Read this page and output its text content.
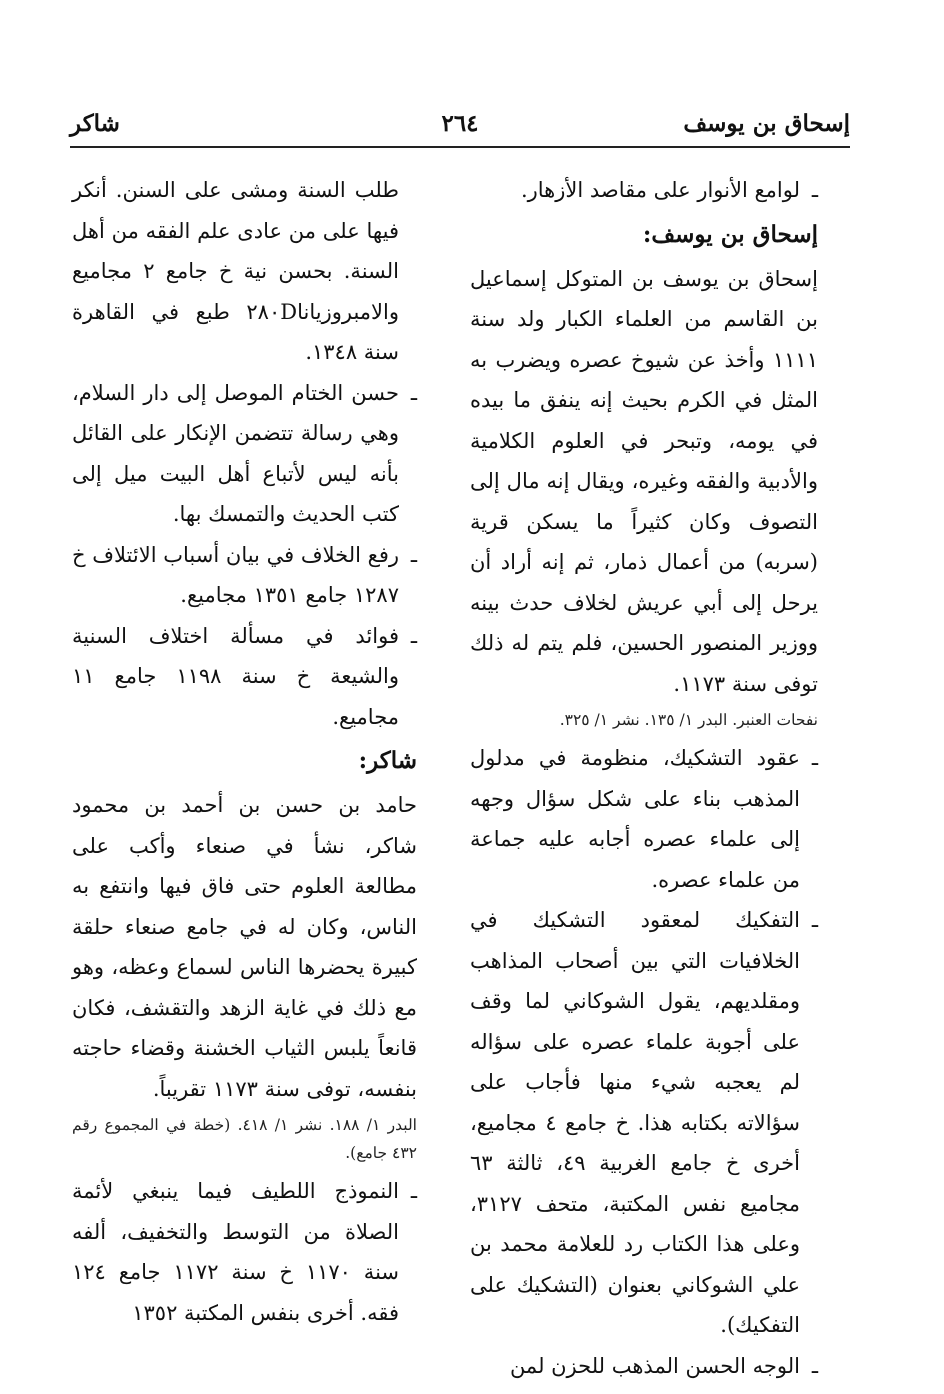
إسحاق بن يوسف
٢٦٤
شاكر
ـ

لوامع الأنوار على مقاصد الأزهار.

إسحاق بن يوسف:

إسحاق بن يوسف بن المتوكل إسماعيل بن القاسم من العلماء الكبار ولد سنة ١١١١ وأخذ عن شيوخ عصره ويضرب به المثل في الكرم بحيث إنه ينفق ما بيده في يومه، وتبحر في العلوم الكلامية والأدبية والفقه وغيره، ويقال إنه مال إلى التصوف وكان كثيراً ما يسكن قرية (سربه) من أعمال ذمار، ثم إنه أراد أن يرحل إلى أبي عريش لخلاف حدث بينه ووزير المنصور الحسين، فلم يتم له ذلك توفى سنة ١١٧٣.

نفحات العنبر. البدر ١/ ١٣٥. نشر ١/ ٣٢٥.

ـ

عقود التشكيك، منظومة في مدلول المذهب بناء على شكل سؤال وجهه إلى علماء عصره أجابه عليه جماعة من علماء عصره.

ـ

التفكيك لمعقود التشكيك في الخلافيات التي بين أصحاب المذاهب ومقلديهم، يقول الشوكاني لما وقف على أجوبة علماء عصره على سؤاله لم يعجبه شيء منها فأجاب على سؤالاته بكتابه هذا. خ جامع ٤ مجاميع، أخرى خ جامع الغربية ٤٩، ثالثة ٦٣ مجاميع نفس المكتبة، متحف ٣١٢٧، وعلى هذا الكتاب رد للعلامة محمد بن علي الشوكاني بعنوان (التشكيك على التفكيك).

ـ

الوجه الحسن المذهب للحزن لمن

طلب السنة ومشى على السنن. أنكر فيها على من عادى علم الفقه من أهل السنة. بحسن نية خ جامع ٢ مجاميع والامبروزيانا٢٨٠D طبع في القاهرة سنة ١٣٤٨.

ـ

حسن الختام الموصل إلى دار السلام، وهي رسالة تتضمن الإنكار على القائل بأنه ليس لأتباع أهل البيت ميل إلى كتب الحديث والتمسك بها.

ـ

رفع الخلاف في بيان أسباب الائتلاف خ ١٢٨٧ جامع ١٣٥١ مجاميع.

ـ

فوائد في مسألة اختلاف السنية والشيعة خ سنة ١١٩٨ جامع ١١ مجاميع.

شاكر:

حامد بن حسن بن أحمد بن محمود شاكر، نشأ في صنعاء وأكب على مطالعة العلوم حتى فاق فيها وانتفع به الناس، وكان له في جامع صنعاء حلقة كبيرة يحضرها الناس لسماع وعظه، وهو مع ذلك في غاية الزهد والتقشف، فكان قانعاً يلبس الثياب الخشنة وقضاء حاجته بنفسه، توفى سنة ١١٧٣ تقريباً.

البدر ١/ ١٨٨. نشر ١/ ٤١٨. (خطة في المجموع رقم ٤٣٢ جامع).

ـ

النموذج اللطيف فيما ينبغي لأئمة الصلاة من التوسط والتخفيف، ألفه سنة ١١٧٠ خ سنة ١١٧٢ جامع ١٢٤ فقه. أخرى بنفس المكتبة ١٣٥٢
